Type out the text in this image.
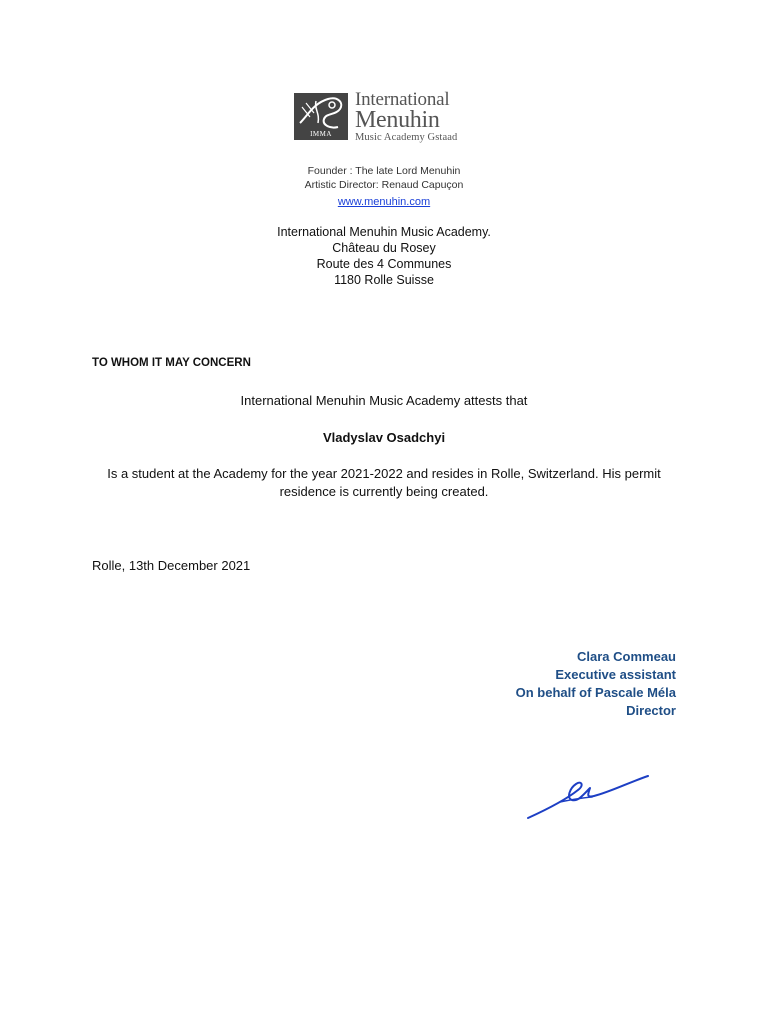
IMMA
International
Menuhin
Music Academy Gstaad
Founder : The late Lord Menuhin
Artistic Director: Renaud Capuçon
www.menuhin.com
International Menuhin Music Academy.
Château du Rosey
Route des 4 Communes
1180 Rolle Suisse
TO WHOM IT MAY CONCERN
International Menuhin Music Academy attests that
Vladyslav Osadchyi
Is a student at the Academy for the year 2021-2022 and resides in Rolle, Switzerland. His permit residence is currently being created.
Rolle, 13th December 2021
Clara Commeau
Executive assistant
On behalf of Pascale Méla
Director
